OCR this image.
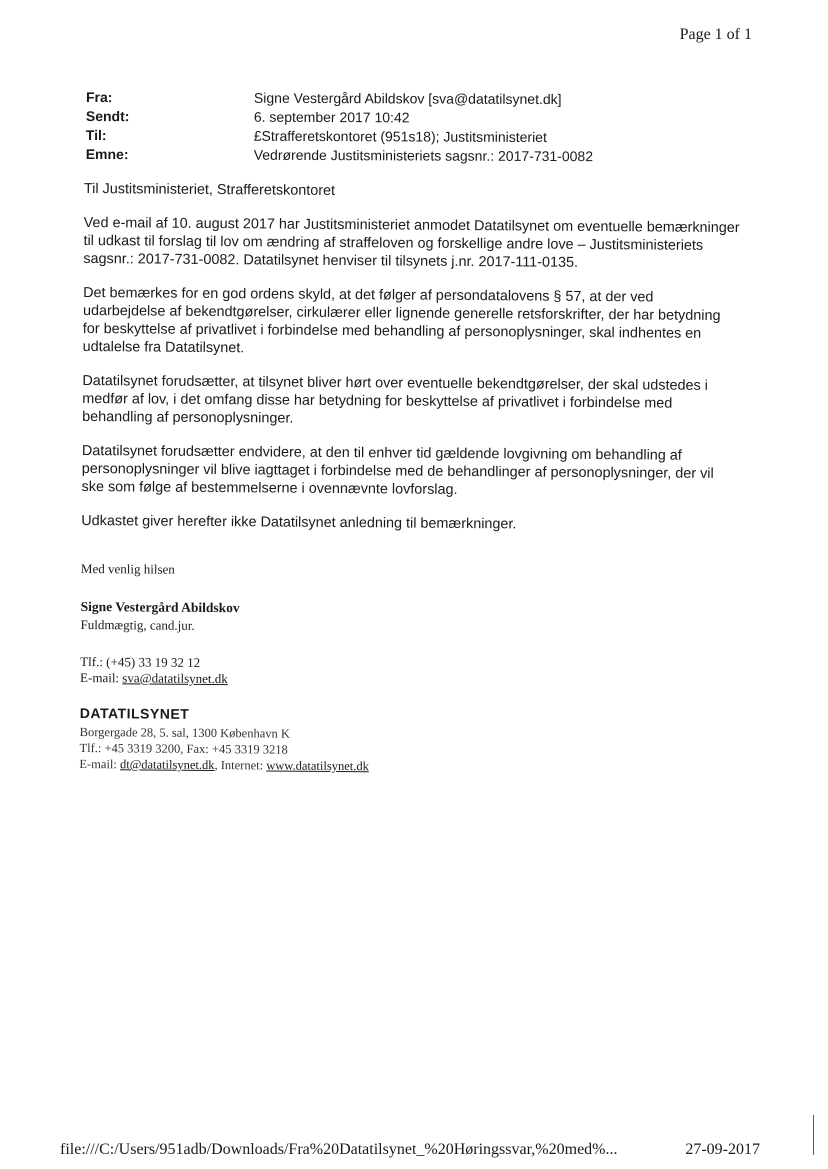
Page 1 of 1
Fra:	Signe Vestergård Abildskov [sva@datatilsynet.dk]
Sendt:	6. september 2017 10:42
Til:	£Strafferetskontoret (951s18); Justitsministeriet
Emne:	Vedrørende Justitsministeriets sagsnr.: 2017-731-0082

Til Justitsministeriet, Strafferetskontoret

Ved e-mail af 10. august 2017 har Justitsministeriet anmodet Datatilsynet om eventuelle bemærkninger til udkast til forslag til lov om ændring af straffeloven og forskellige andre love – Justitsministeriets sagsnr.: 2017-731-0082. Datatilsynet henviser til tilsynets j.nr. 2017-111-0135.

Det bemærkes for en god ordens skyld, at det følger af persondatalovens § 57, at der ved udarbejdelse af bekendtgørelser, cirkulærer eller lignende generelle retsforskrifter, der har betydning for beskyttelse af privatlivet i forbindelse med behandling af personoplysninger, skal indhentes en udtalelse fra Datatilsynet.

Datatilsynet forudsætter, at tilsynet bliver hørt over eventuelle bekendtgørelser, der skal udstedes i medfør af lov, i det omfang disse har betydning for beskyttelse af privatlivet i forbindelse med behandling af personoplysninger.

Datatilsynet forudsætter endvidere, at den til enhver tid gældende lovgivning om behandling af personoplysninger vil blive iagttaget i forbindelse med de behandlinger af personoplysninger, der vil ske som følge af bestemmelserne i ovennævnte lovforslag.

Udkastet giver herefter ikke Datatilsynet anledning til bemærkninger.

Med venlig hilsen

Signe Vestergård Abildskov

Fuldmægtig, cand.jur.

Tlf.: (+45) 33 19 32 12
E-mail: sva@datatilsynet.dk
DATATILSYNET
Borgergade 28, 5. sal, 1300 København K
Tlf.: +45 3319 3200, Fax: +45 3319 3218
E-mail: dt@datatilsynet.dk, Internet: www.datatilsynet.dk
file:///C:/Users/951adb/Downloads/Fra%20Datatilsynet_%20Høringssvar,%20med%...	27-09-2017
